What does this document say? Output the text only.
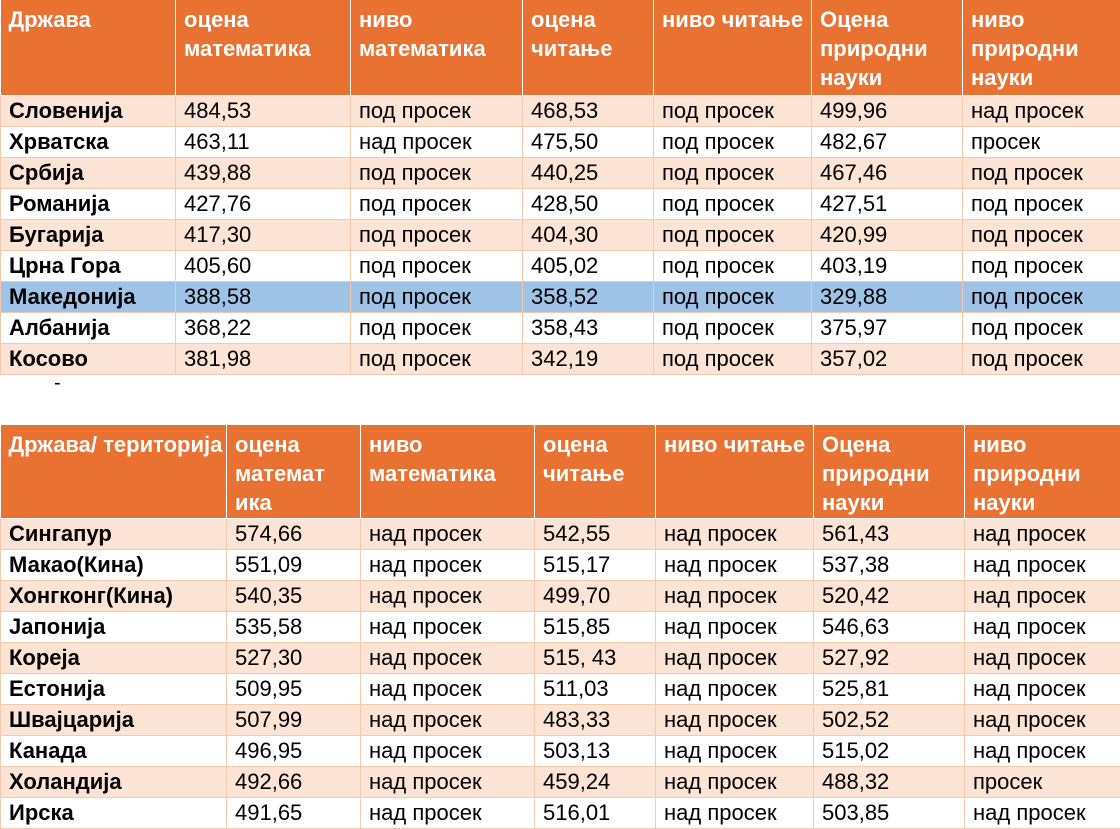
Држава	оцена математика	ниво математика	оцена читање	ниво читање	Оцена природни науки	ниво природни науки
Словенија	484,53	под просек	468,53	под просек	499,96	над просек
Хрватска	463,11	над просек	475,50	под просек	482,67	просек
Србија	439,88	под просек	440,25	под просек	467,46	под просек
Романија	427,76	под просек	428,50	под просек	427,51	под просек
Бугарија	417,30	под просек	404,30	под просек	420,99	под просек
Црна Гора	405,60	под просек	405,02	под просек	403,19	под просек
Македонија	388,58	под просек	358,52	под просек	329,88	под просек
Албанија	368,22	под просек	358,43	под просек	375,97	под просек
Косово	381,98	под просек	342,19	под просек	357,02	под просек
-
Држава/ територија	оцена математ ика	ниво математика	оцена читање	ниво читање	Оцена природни науки	ниво природни науки
Сингапур	574,66	над просек	542,55	над просек	561,43	над просек
Макао(Кина)	551,09	над просек	515,17	над просек	537,38	над просек
Хонгконг(Кина)	540,35	над просек	499,70	над просек	520,42	над просек
Јапонија	535,58	над просек	515,85	над просек	546,63	над просек
Кореја	527,30	над просек	515, 43	над просек	527,92	над просек
Естонија	509,95	над просек	511,03	над просек	525,81	над просек
Швајцарија	507,99	над просек	483,33	над просек	502,52	над просек
Канада	496,95	над просек	503,13	над просек	515,02	над просек
Холандија	492,66	над просек	459,24	над просек	488,32	просек
Ирска	491,65	над просек	516,01	над просек	503,85	над просек
